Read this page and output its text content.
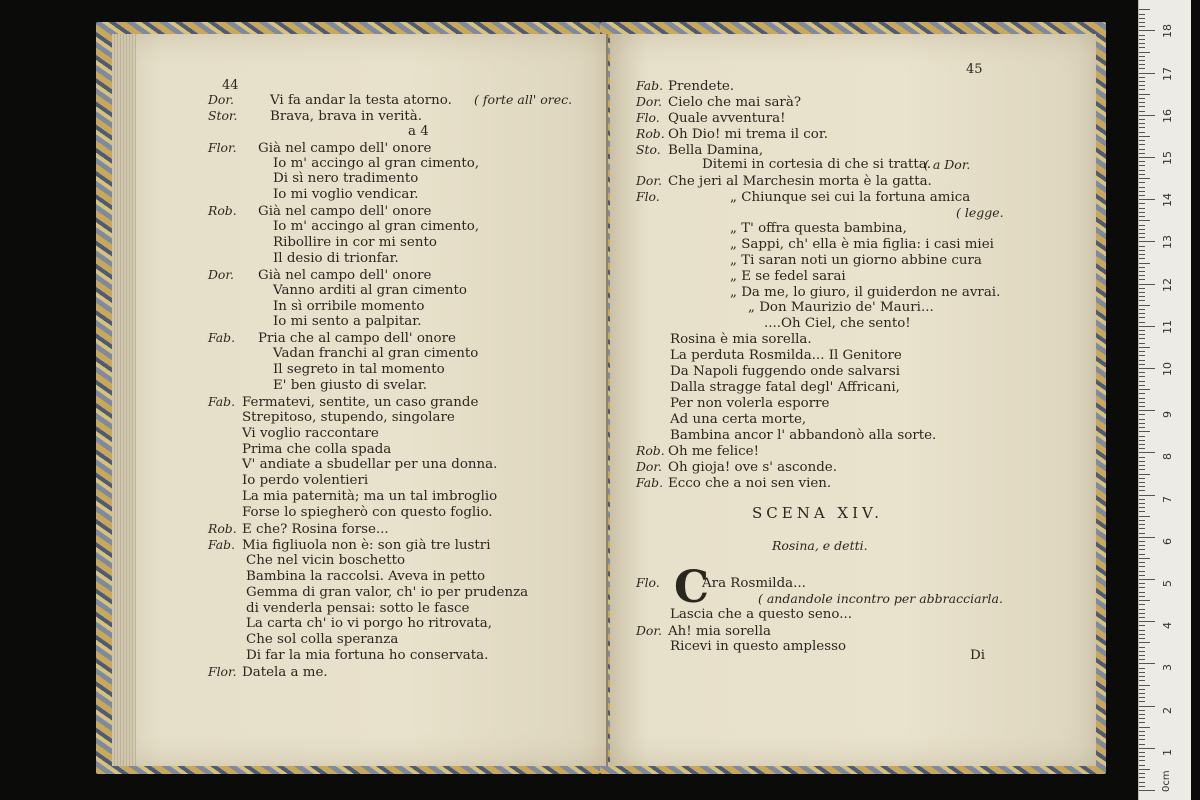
44
Dor.	Vi fa andar la testa atorno. ( forte all' orec.
Stor. Brava, brava in verità.
a 4
Flor. Già nel campo dell' onore
Io m' accingo al gran cimento,
Di sì nero tradimento
Io mi voglio vendicar.
Rob. Già nel campo dell' onore
Io m' accingo al gran cimento,
Ribollire in cor mi sento
Il desio di trionfar.
Dor. Già nel campo dell' onore
Vanno arditi al gran cimento
In sì orribile momento
Io mi sento a palpitar.
Fab. Pria che al campo dell' onore
Vadan franchi al gran cimento
Il segreto in tal momento
E' ben giusto di svelar.
Fab. Fermatevi, sentite, un caso grande
Strepitoso, stupendo, singolare
Vi voglio raccontare
Prima che colla spada
V' andiate a sbudellar per una donna.
Io perdo volentieri
La mia paternità; ma un tal imbroglio
Forse lo spiegherò con questo foglio.
Rob. E che? Rosina forse...
Fab. Mia figliuola non è: son già tre lustri
Che nel vicin boschetto
Bambina la raccolsi. Aveva in petto
Gemma di gran valor, ch' io per prudenza
di venderla pensai: sotto le fasce
La carta ch' io vi porgo ho ritrovata,
Che sol colla speranza
Di far la mia fortuna ho conservata.
Flor. Datela a me.
45
Fab. Prendete.
Dor. Cielo che mai sarà?
Flo. Quale avventura!
Rob. Oh Dio! mi trema il cor.
Sto. Bella Damina,
Ditemi in cortesia di che si tratta.
( a Dor.
Dor. Che jeri al Marchesin morta è la gatta.
Flo.	„ Chiunque sei cui la fortuna amica
( legge.
„ T' offra questa bambina,
„ Sappi, ch' ella è mia figlia: i casi miei
„ Ti saran noti un giorno abbine cura
„ E se fedel sarai
„ Da me, lo giuro, il guiderdon ne avrai.
„ Don Maurizio de' Mauri...
....Oh Ciel, che sento!
Rosina è mia sorella.
La perduta Rosmilda... Il Genitore
Da Napoli fuggendo onde salvarsi
Dalla stragge fatal degl' Affricani,
Per non volerla esporre
Ad una certa morte,
Bambina ancor l' abbandonò alla sorte.
Rob. Oh me felice!
Dor. Oh gioja! ove s' asconde.
Fab. Ecco che a noi sen vien.
SCENA XIV.
Rosina, e detti.
C
Flo.	Ara Rosmilda...
( andandole incontro per abbracciarla.
Lascia che a questo seno...
Dor. Ah! mia sorella
Ricevi in questo amplesso
Di
0cm
1
2
3
4
5
6
7
8
9
10
11
12
13
14
15
16
17
18
